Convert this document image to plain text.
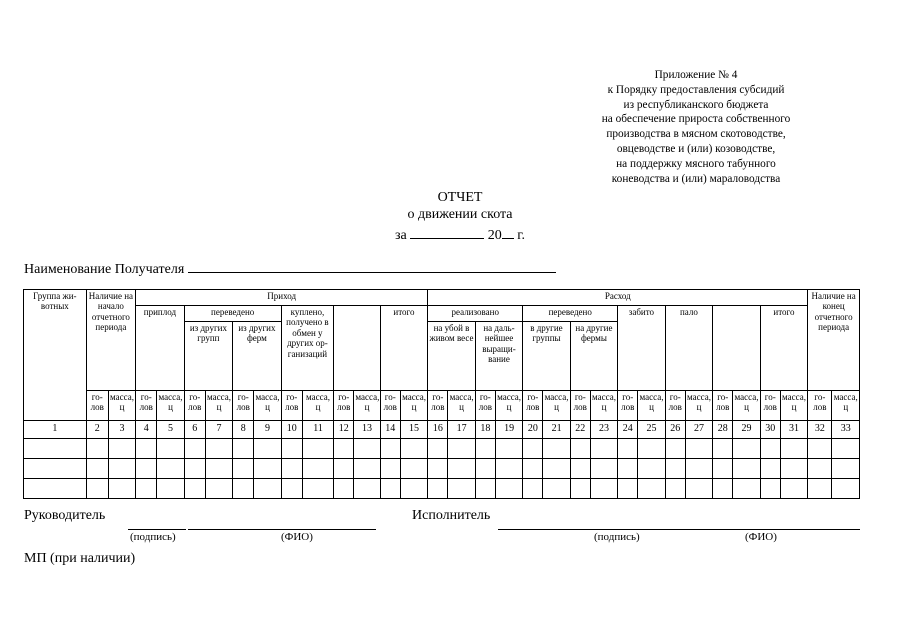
Приложение № 4
к Порядку предоставления субсидий
из республиканского бюджета
на обеспечение прироста собственного
производства в мясном скотоводстве,
овцеводстве и (или) козоводстве,
на поддержку мясного табунного
коневодства и (или) мараловодства
ОТЧЕТ
о движении скота
за	20 г.
Наименование Получателя
Группа жи-вотных	Наличие на начало отчетного периода		Приход												Расход																Наличие на конец отчетного периода	
			приплод		переведено				куплено, получено в обмен у других ор-ганизаций				итого		реализовано				переведено				забито		пало				итого			
					из других групп		из других ферм								на убой в живом весе		на даль-нейшее выращи-вание		в другие группы		на другие фермы											
	го-лов	масса, ц	го-лов	масса, ц	го-лов	масса, ц	го-лов	масса, ц	го-лов	масса, ц	го-лов	масса, ц	го-лов	масса, ц	го-лов	масса, ц	го-лов	масса, ц	го-лов	масса, ц	го-лов	масса, ц	го-лов	масса, ц	го-лов	масса, ц	го-лов	масса, ц	го-лов	масса, ц	го-лов	масса, ц
1	2	3	4	5	6	7	8	9	10	11	12	13	14	15	16	17	18	19	20	21	22	23	24	25	26	27	28	29	30	31	32	33

Руководитель
(подпись)	(ФИО)
Исполнитель
(подпись)	(ФИО)
МП (при наличии)
